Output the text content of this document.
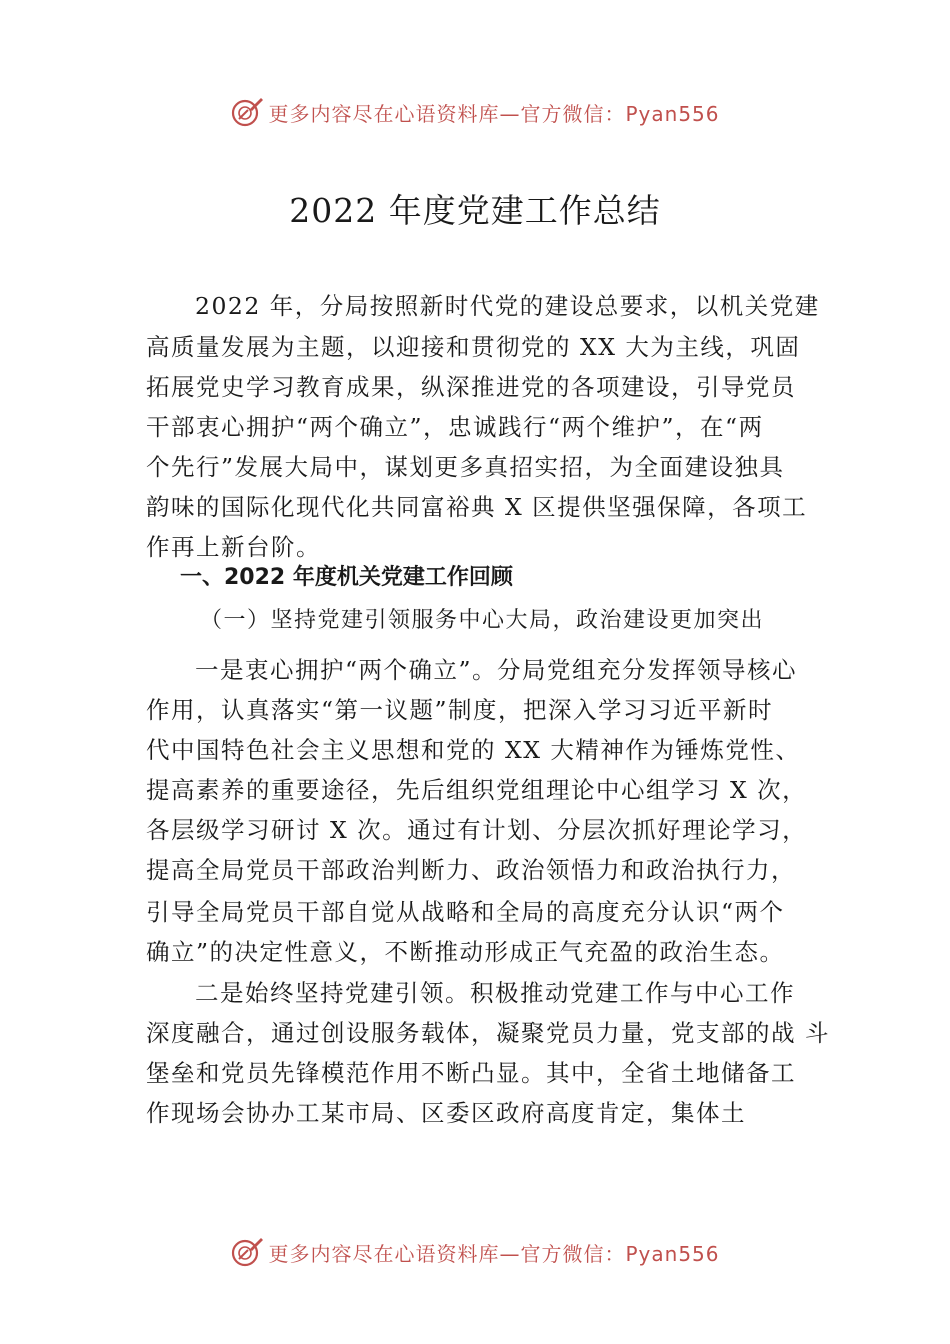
更多内容尽在心语资料库—官方微信：Pyan556
2022 年度党建工作总结
2022 年，分局按照新时代党的建设总要求，以机关党建
高质量发展为主题，以迎接和贯彻党的 XX 大为主线，巩固
拓展党史学习教育成果，纵深推进党的各项建设，引导党员
干部衷心拥护“两个确立”，忠诚践行“两个维护”，在“两
个先行”发展大局中，谋划更多真招实招，为全面建设独具
韵味的国际化现代化共同富裕典 X 区提供坚强保障，各项工
作再上新台阶。
一、2022 年度机关党建工作回顾
（一）坚持党建引领服务中心大局，政治建设更加突出
一是衷心拥护“两个确立”。分局党组充分发挥领导核心
作用，认真落实“第一议题”制度，把深入学习习近平新时
代中国特色社会主义思想和党的 XX 大精神作为锤炼党性、
提高素养的重要途径，先后组织党组理论中心组学习 X 次，
各层级学习研讨 X 次。通过有计划、分层次抓好理论学习，
提高全局党员干部政治判断力、政治领悟力和政治执行力，
引导全局党员干部自觉从战略和全局的高度充分认识“两个
确立”的决定性意义，不断推动形成正气充盈的政治生态。
二是始终坚持党建引领。积极推动党建工作与中心工作
深度融合，通过创设服务载体，凝聚党员力量，党支部的战 斗
堡垒和党员先锋模范作用不断凸显。其中，全省土地储备工
作现场会协办工某市局、区委区政府高度肯定，集体土
更多内容尽在心语资料库—官方微信：Pyan556
